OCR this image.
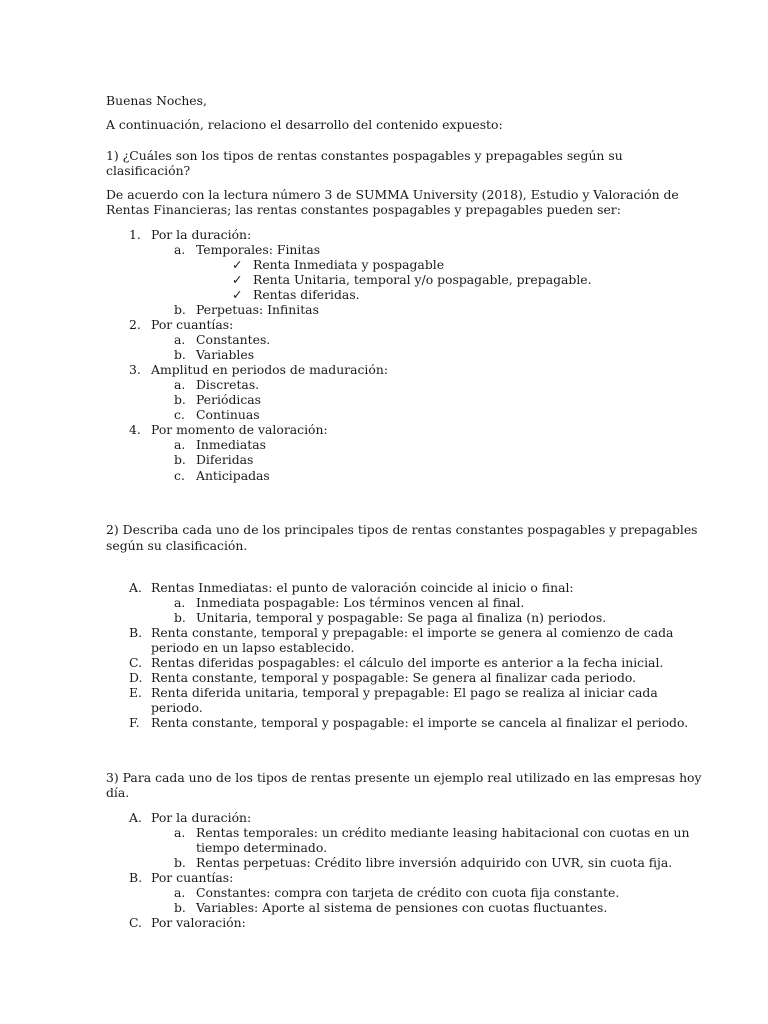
Buenas Noches,
A continuación, relaciono el desarrollo del contenido expuesto:
1) ¿Cuáles son los tipos de rentas constantes pospagables y prepagables según su
clasificación?
De acuerdo con la lectura número 3 de SUMMA University (2018), Estudio y Valoración de
Rentas Financieras; las rentas constantes pospagables y prepagables pueden ser:
1. Por la duración:
a. Temporales: Finitas
✓ Renta Inmediata y pospagable
✓ Renta Unitaria, temporal y/o pospagable, prepagable.
✓ Rentas diferidas.
b. Perpetuas: Infinitas
2. Por cuantías:
a. Constantes.
b. Variables
3. Amplitud en periodos de maduración:
a. Discretas.
b. Periódicas
c. Continuas
4. Por momento de valoración:
a. Inmediatas
b. Diferidas
c. Anticipadas
2) Describa cada uno de los principales tipos de rentas constantes pospagables y prepagables
según su clasificación.
A. Rentas Inmediatas: el punto de valoración coincide al inicio o final:
a. Inmediata pospagable: Los términos vencen al final.
b. Unitaria, temporal y pospagable: Se paga al finaliza (n) periodos.
B. Renta constante, temporal y prepagable: el importe se genera al comienzo de cada
periodo en un lapso establecido.
C. Rentas diferidas pospagables: el cálculo del importe es anterior a la fecha inicial.
D. Renta constante, temporal y pospagable: Se genera al finalizar cada periodo.
E. Renta diferida unitaria, temporal y prepagable: El pago se realiza al iniciar cada
periodo.
F. Renta constante, temporal y pospagable: el importe se cancela al finalizar el periodo.
3) Para cada uno de los tipos de rentas presente un ejemplo real utilizado en las empresas hoy
día.
A. Por la duración:
a. Rentas temporales: un crédito mediante leasing habitacional con cuotas en un
tiempo determinado.
b. Rentas perpetuas: Crédito libre inversión adquirido con UVR, sin cuota fija.
B. Por cuantías:
a. Constantes: compra con tarjeta de crédito con cuota fija constante.
b. Variables: Aporte al sistema de pensiones con cuotas fluctuantes.
C. Por valoración:
